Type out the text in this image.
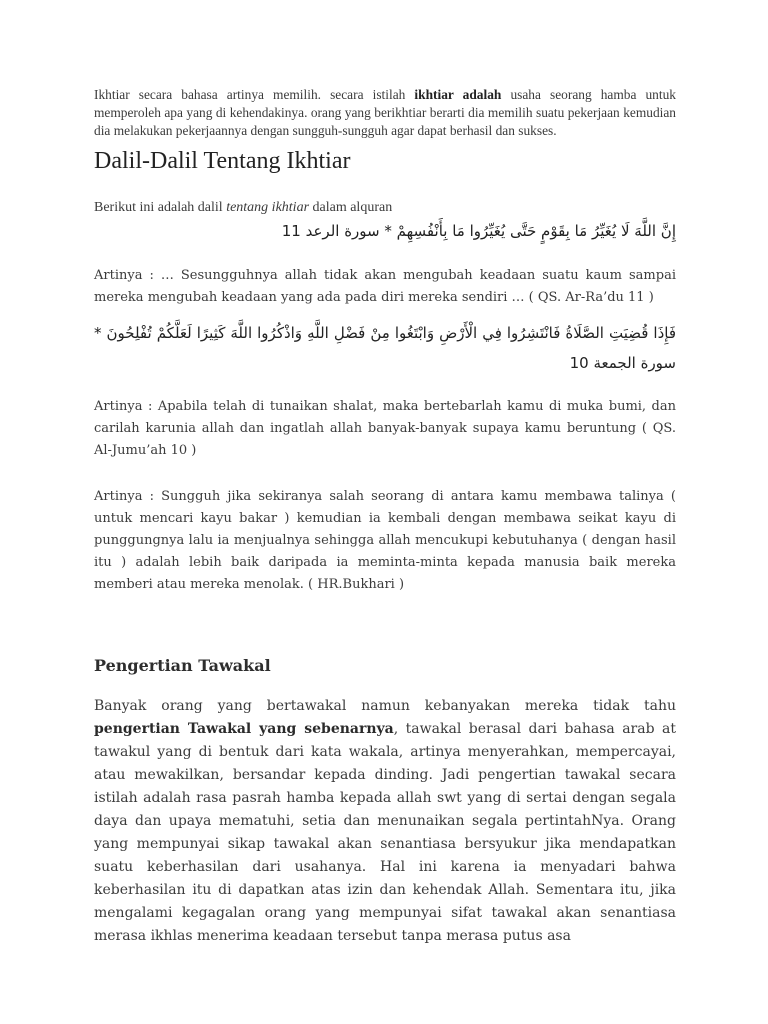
Ikhtiar secara bahasa artinya memilih. secara istilah ikhtiar adalah usaha seorang hamba untuk memperoleh apa yang di kehendakinya. orang yang berikhtiar berarti dia memilih suatu pekerjaan kemudian dia melakukan pekerjaannya dengan sungguh-sungguh agar dapat berhasil dan sukses.

Dalil-Dalil Tentang Ikhtiar

Berikut ini adalah dalil tentang ikhtiar dalam alquran

إِنَّ اللَّهَ لَا يُغَيِّرُ مَا بِقَوْمٍ حَتَّى يُغَيِّرُوا مَا بِأَنْفُسِهِمْ * سورة الرعد 11

Artinya : … Sesungguhnya allah tidak akan mengubah keadaan suatu kaum sampai mereka mengubah keadaan yang ada pada diri mereka sendiri … ( QS. Ar-Ra’du 11 )

فَإِذَا قُضِيَتِ الصَّلَاةُ فَانْتَشِرُوا فِي الْأَرْضِ وَابْتَغُوا مِنْ فَضْلِ اللَّهِ وَاذْكُرُوا اللَّهَ كَثِيرًا لَعَلَّكُمْ تُفْلِحُونَ * سورة الجمعة 10

Artinya : Apabila telah di tunaikan shalat, maka bertebarlah kamu di muka bumi, dan carilah karunia allah dan ingatlah allah banyak-banyak supaya kamu beruntung ( QS. Al-Jumu’ah 10 )

Artinya : Sungguh jika sekiranya salah seorang di antara kamu membawa talinya ( untuk mencari kayu bakar ) kemudian ia kembali dengan membawa seikat kayu di punggungnya lalu ia menjualnya sehingga allah mencukupi kebutuhanya ( dengan hasil itu ) adalah lebih baik daripada ia meminta-minta kepada manusia baik mereka memberi atau mereka menolak. ( HR.Bukhari )

Pengertian Tawakal

Banyak orang yang bertawakal namun kebanyakan mereka tidak tahu pengertian Tawakal yang sebenarnya, tawakal berasal dari bahasa arab at tawakul yang di bentuk dari kata wakala, artinya menyerahkan, mempercayai, atau mewakilkan, bersandar kepada dinding. Jadi pengertian tawakal secara istilah adalah rasa pasrah hamba kepada allah swt yang di sertai dengan segala daya dan upaya mematuhi, setia dan menunaikan segala pertintahNya. Orang yang mempunyai sikap tawakal akan senantiasa bersyukur jika mendapatkan suatu keberhasilan dari usahanya. Hal ini karena ia menyadari bahwa keberhasilan itu di dapatkan atas izin dan kehendak Allah. Sementara itu, jika mengalami kegagalan orang yang mempunyai sifat tawakal akan senantiasa merasa ikhlas menerima keadaan tersebut tanpa merasa putus asa
